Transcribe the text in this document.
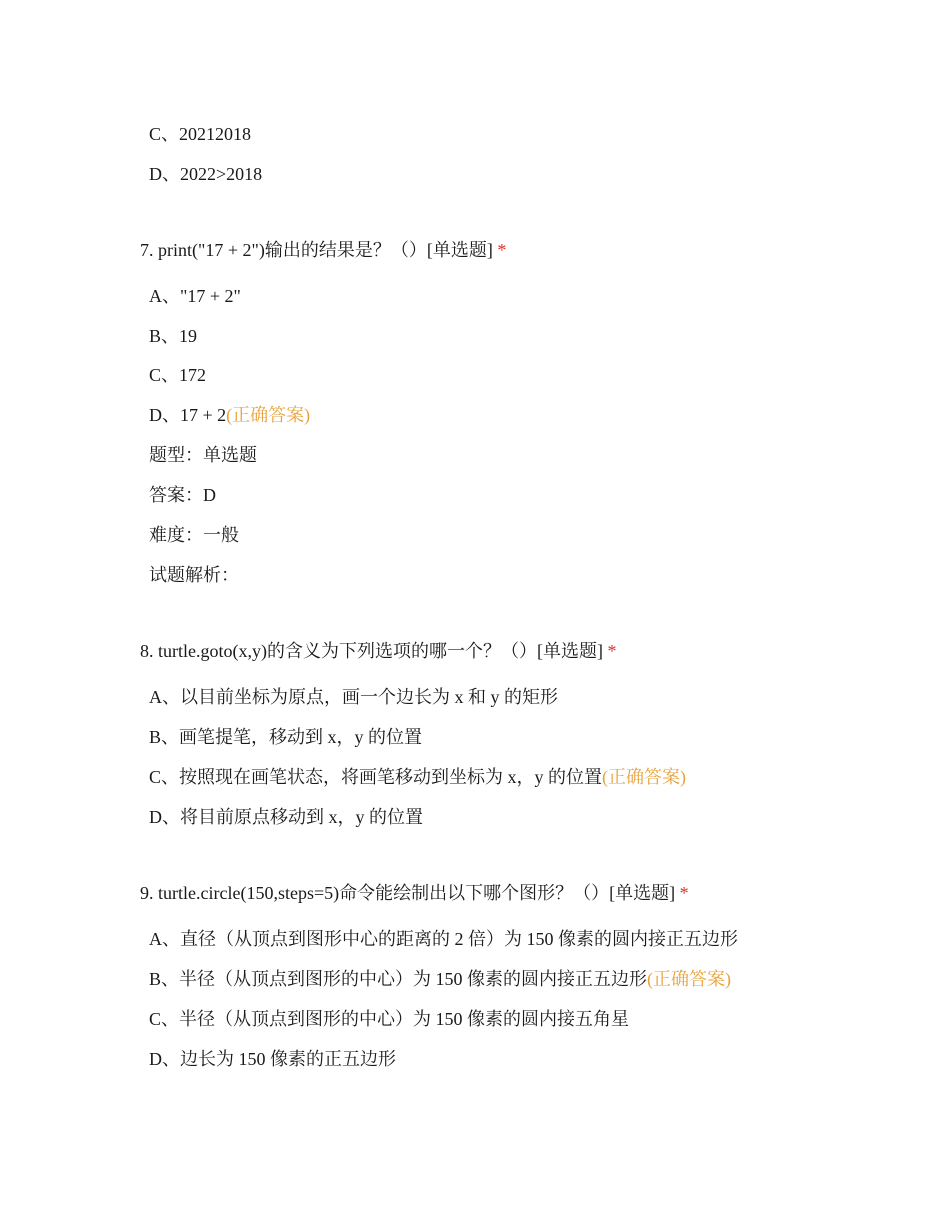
C、20212018
D、2022>2018
7. print("17 + 2")输出的结果是？（）[单选题] *
A、"17 + 2"
B、19
C、172
D、17 + 2(正确答案)
题型：单选题
答案：D
难度：一般
试题解析：
8. turtle.goto(x,y)的含义为下列选项的哪一个？（）[单选题] *
A、以目前坐标为原点，画一个边长为 x 和 y 的矩形
B、画笔提笔，移动到 x，y 的位置
C、按照现在画笔状态，将画笔移动到坐标为 x，y 的位置(正确答案)
D、将目前原点移动到 x，y 的位置
9. turtle.circle(150,steps=5)命令能绘制出以下哪个图形？（）[单选题] *
A、直径（从顶点到图形中心的距离的 2 倍）为 150 像素的圆内接正五边形
B、半径（从顶点到图形的中心）为 150 像素的圆内接正五边形(正确答案)
C、半径（从顶点到图形的中心）为 150 像素的圆内接五角星
D、边长为 150 像素的正五边形
